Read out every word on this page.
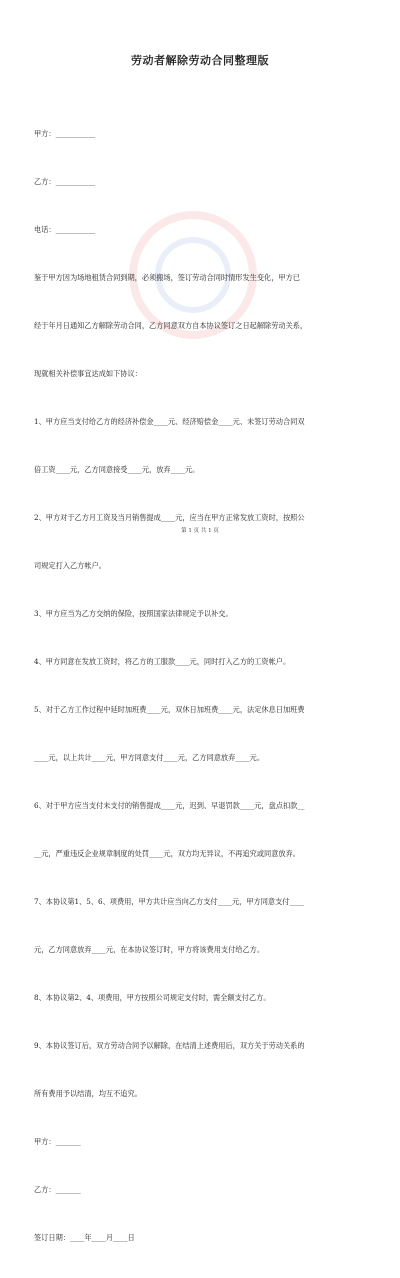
劳动者解除劳动合同整理版

甲方：___________

乙方：___________

电话：___________

鉴于甲方因为场地租赁合同到期，必须搬场，签订劳动合同时情形发生变化，甲方已

经于年月日通知乙方解除劳动合同，乙方同意双方自本协议签订之日起解除劳动关系，

现就相关补偿事宜达成如下协议：

1、甲方应当支付给乙方的经济补偿金____元、经济赔偿金____元、未签订劳动合同双

倍工资____元，乙方同意接受____元，放弃____元。

2、甲方对于乙方月工资及当月销售提成____元，应当在甲方正常发放工资时，按照公

司规定打入乙方帐户。

3、甲方应当为乙方交纳的保险，按照国家法律规定予以补交。

4、甲方同意在发放工资时，将乙方的工服款____元，同时打入乙方的工资帐户。

5、对于乙方工作过程中延时加班费____元，双休日加班费____元，法定休息日加班费

____元，以上共计____元，甲方同意支付____元，乙方同意放弃____元。

6、对于甲方应当支付未支付的销售提成____元，迟到、早退罚款____元，盘点扣款__

__元，严重违反企业规章制度的处罚____元，双方均无异议，不再追究或同意放弃。

7、本协议第1、5、6、项费用，甲方共计应当向乙方支付____元，甲方同意支付____

元，乙方同意放弃____元，在本协议签订时，甲方将该费用支付给乙方。

8、本协议第2、4、项费用，甲方按照公司规定支付时，需全额支付乙方。

9、本协议签订后，双方劳动合同予以解除，在结清上述费用后，双方关于劳动关系的

所有费用予以结清，均互不追究。

甲方：_______

乙方：_______

签订日期：____年____月____日

第 1 页 共 1 页
